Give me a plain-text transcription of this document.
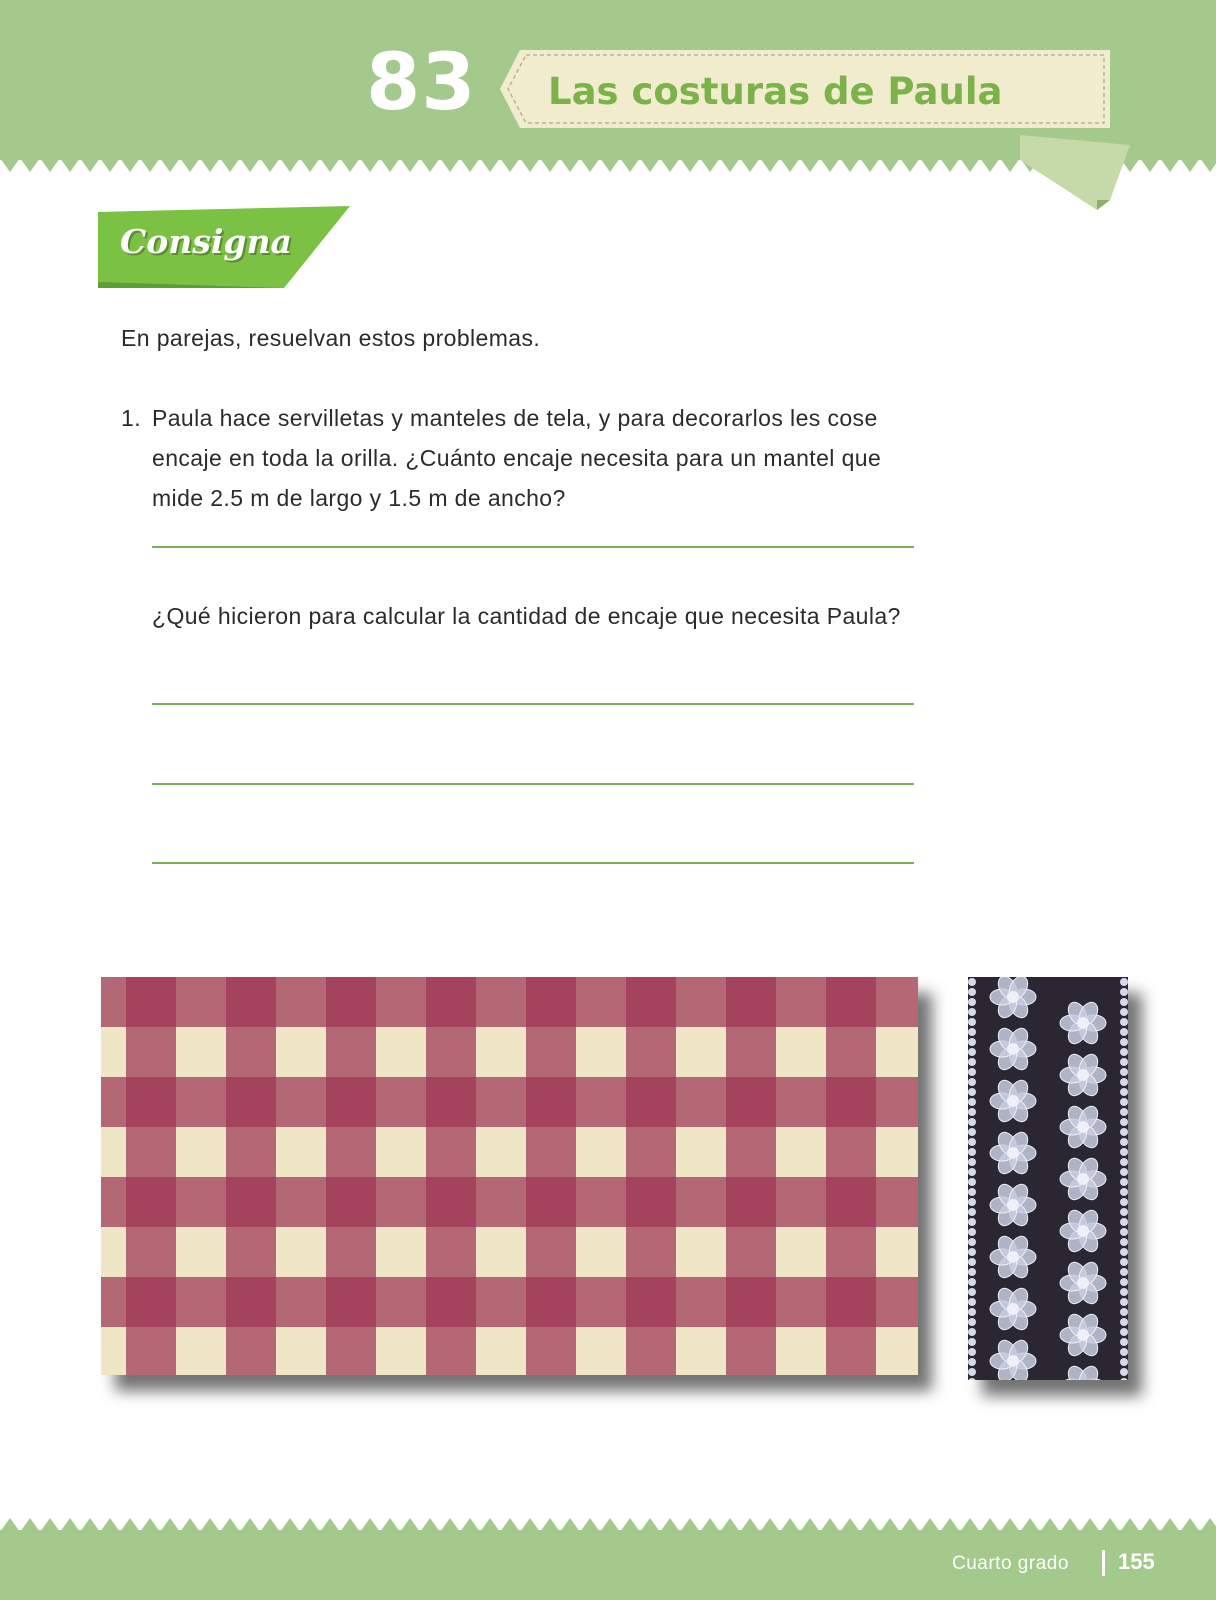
83 Las costuras de Paula
Consigna
En parejas, resuelvan estos problemas.
1. Paula hace servilletas y manteles de tela, y para decorarlos les cose encaje en toda la orilla. ¿Cuánto encaje necesita para un mantel que mide 2.5 m de largo y 1.5 m de ancho?
¿Qué hicieron para calcular la cantidad de encaje que necesita Paula?
Cuarto grado 155
